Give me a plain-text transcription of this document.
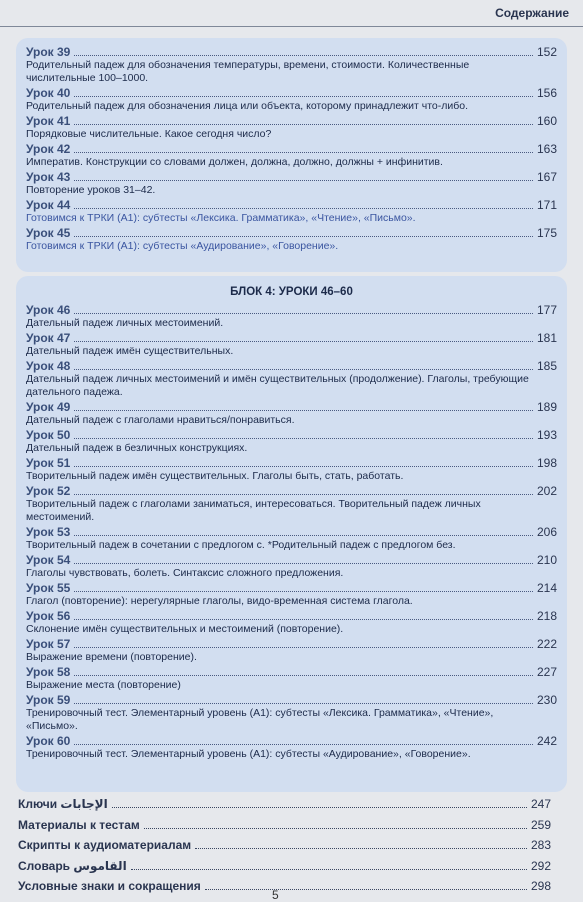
Содержание
Урок 39	152
Родительный падеж для обозначения температуры, времени, стоимости. Количественные числительные 100–1000.
Урок 40	156
Родительный падеж для обозначения лица или объекта, которому принадлежит что-либо.
Урок 41	160
Порядковые числительные. Какое сегодня число?
Урок 42	163
Императив. Конструкции со словами должен, должна, должно, должны + инфинитив.
Урок 43	167
Повторение уроков 31–42.
Урок 44	171
Готовимся к ТРКИ (А1): субтесты «Лексика. Грамматика», «Чтение», «Письмо».
Урок 45	175
Готовимся к ТРКИ (А1): субтесты «Аудирование», «Говорение».
БЛОК 4: УРОКИ 46–60
Урок 46	177
Дательный падеж личных местоимений.
Урок 47	181
Дательный падеж имён существительных.
Урок 48	185
Дательный падеж личных местоимений и имён существительных (продолжение). Глаголы, требующие дательного падежа.
Урок 49	189
Дательный падеж с глаголами нравиться/понравиться.
Урок 50	193
Дательный падеж в безличных конструкциях.
Урок 51	198
Творительный падеж имён существительных. Глаголы быть, стать, работать.
Урок 52	202
Творительный падеж с глаголами заниматься, интересоваться. Творительный падеж личных местоимений.
Урок 53	206
Творительный падеж в сочетании с предлогом с. *Родительный падеж с предлогом без.
Урок 54	210
Глаголы чувствовать, болеть. Синтаксис сложного предложения.
Урок 55	214
Глагол (повторение): нерегулярные глаголы, видо-временная система глагола.
Урок 56	218
Склонение имён существительных и местоимений (повторение).
Урок 57	222
Выражение времени (повторение).
Урок 58	227
Выражение места (повторение)
Урок 59	230
Тренировочный тест. Элементарный уровень (А1): субтесты «Лексика. Грамматика», «Чтение», «Письмо».
Урок 60	242
Тренировочный тест. Элементарный уровень (А1): субтесты «Аудирование», «Говорение».
Ключи الإجابات	247
Материалы к тестам	259
Скрипты к аудиоматериалам	283
Словарь القاموس	292
Условные знаки и сокращения	298
5
